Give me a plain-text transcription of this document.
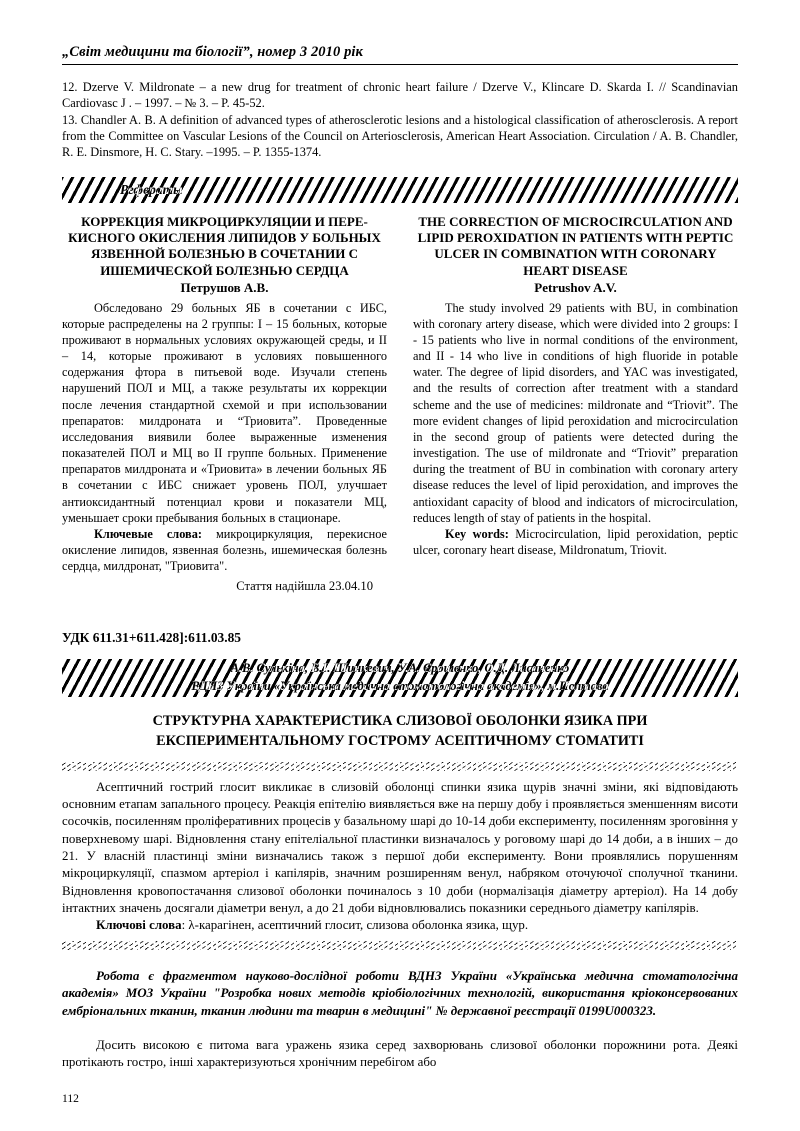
„Світ медицини та біології”, номер 3 2010 рік

12. Dzerve V. Mildronate – a new drug for treatment of chronic heart failure / Dzerve V., Klincare D. Skarda I. // Scandinavian Cardiovasc J . – 1997. – № 3. – P. 45-52.

13. Chandler A. B. A definition of advanced types of atherosclerotic lesions and a histological classification of atherosclerosis. A report from the Committee on Vascular Lesions of the Council on Arteriosclerosis, American Heart Association. Circulation / A. B. Chandler, R. E. Dinsmore, H. C. Stary. –1995. – P. 1355-1374.

Рефераты
КОРРЕКЦИЯ МИКРОЦИРКУЛЯЦИИ И ПЕРЕ-КИСНОГО ОКИСЛЕНИЯ ЛИПИДОВ У БОЛЬНЫХ ЯЗВЕННОЙ БОЛЕЗНЬЮ В СОЧЕТАНИИ С ИШЕМИЧЕСКОЙ БОЛЕЗНЬЮ СЕРДЦА
Петрушов А.В.
Обследовано 29 больных ЯБ в сочетании с ИБС, которые распределены на 2 группы: I – 15 больных, которые проживают в нормальных условиях окружающей среды, и II – 14, которые проживают в условиях повышенного содержания фтора в питьевой воде. Изучали степень нарушений ПОЛ и МЦ, а также результаты их коррекции после лечения стандартной схемой и при использовании препаратов: милдроната и “Триовита”. Проведенные исследования виявили более выраженные изменения показателей ПОЛ и МЦ во II группе больных. Применение препаратов милдроната и «Триовита» в лечении больных ЯБ в сочетании с ИБС снижает уровень ПОЛ, улучшает антиоксидантный потенциал крови и показатели МЦ, уменьшает сроки пребывания больных в стационаре.
Ключевые слова: микроциркуляция, перекисное окисление липидов, язвенная болезнь, ишемическая болезнь сердца, милдронат, "Триовита".
Стаття надійшла 23.04.10
THE CORRECTION OF MICROCIRCULATION AND LIPID PEROXIDATION IN PATIENTS WITH PEPTIC ULCER IN COMBINATION WITH CORONARY HEART DISEASE
Petrushov A.V.
The study involved 29 patients with BU, in combination with coronary artery disease, which were divided into 2 groups: I - 15 patients who live in normal conditions of the environment, and II - 14 who live in conditions of high fluoride in potable water. The degree of lipid disorders, and YAC was investigated, and the results of correction after treatment with a standard scheme and the use of medicines: mildronate and “Triovit”. The more evident changes of lipid peroxidation and microcirculation in the second group of patients were detected during the investigation. The use of mildronate and “Triovit” preparation during the treatment of BU in combination with coronary artery disease reduces the level of lipid peroxidation, and improves the antioxidant capacity of blood and indicators of microcirculation, reduces length of stay of patients in the hospital.
Key words: Microcirculation, lipid peroxidation, peptic ulcer, coronary heart disease, Mildronatum, Triovit.
УДК 611.31+611.428]:611.03.85
А.В. Сулькіна, В.І. Шинкевич, У.А. Єрошенко, О.Д. Лисаненко
ВДНЗ України «Українська медична стоматологічна академія», м.Полтава
СТРУКТУРНА ХАРАКТЕРИСТИКА СЛИЗОВОЇ ОБОЛОНКИ ЯЗИКА ПРИ ЕКСПЕРИМЕНТАЛЬНОМУ ГОСТРОМУ АСЕПТИЧНОМУ СТОМАТИТІ

Асептичний гострий глосит викликає в слизовій оболонці спинки язика щурів значні зміни, які відповідають основним етапам запального процесу. Реакція епітелію виявляється вже на першу добу і проявляється зменшенням висоти сосочків, посиленням проліферативних процесів у базальному шарі до 10-14 доби експерименту, посиленням зроговіння у поверхневому шарі. Відновлення стану епітеліальної пластинки визначалось у роговому шарі до 14 доби, а в інших – до 21. У власній пластинці зміни визначались також з першої доби експерименту. Вони проявлялись порушенням мікроциркуляції, спазмом артеріол і капілярів, значним розширенням венул, набряком оточуючої сполучної тканини. Відновлення кровопостачання слизової оболонки починалось з 10 доби (нормалізація діаметру артеріол). На 14 добу інтактних значень досягали діаметри венул, а до 21 доби відновлювались показники середнього діаметру капілярів.

Ключові слова: λ-карагінен, асептичний глосит, слизова оболонка язика, щур.
Робота є фрагментом науково-дослідної роботи ВДНЗ України «Українська медична стоматологічна академія» МОЗ України "Розробка нових методів кріобіологічних технологій, використання кріоконсервованих ембріональних тканин, тканин людини та тварин в медицині" № державної реєстрації 0199U000323.
Досить високою є питома вага уражень язика серед захворювань слизової оболонки порожнини рота. Деякі протікають гостро, інші характеризуються хронічним перебігом або
112
